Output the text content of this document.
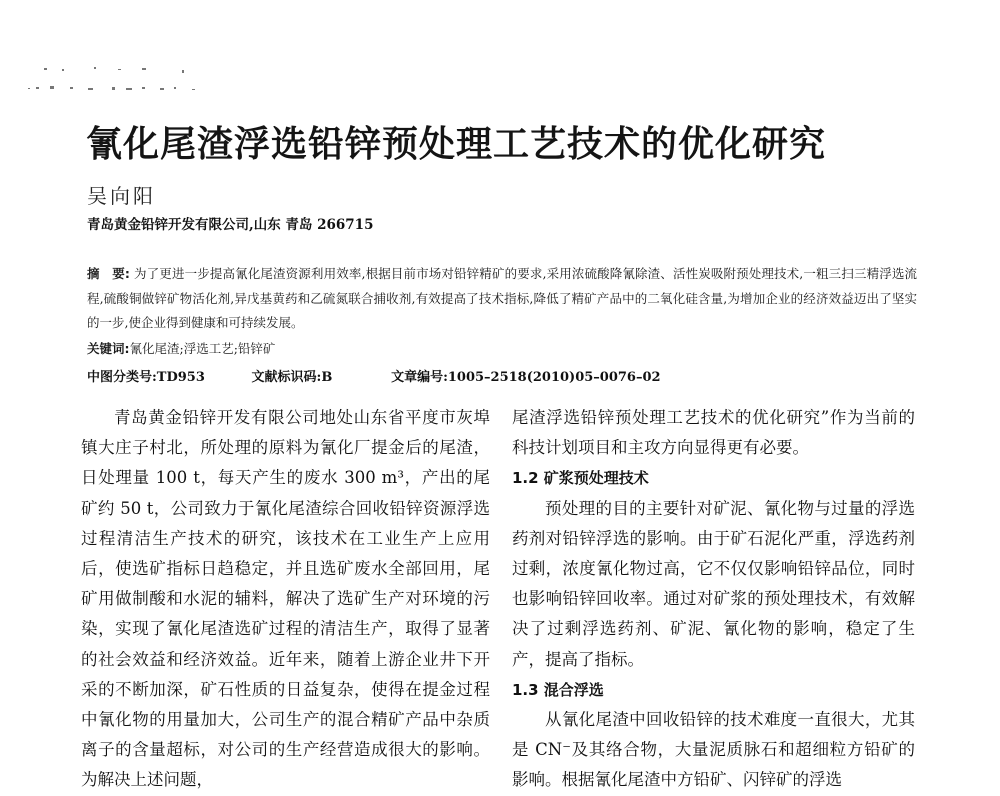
氰化尾渣浮选铅锌预处理工艺技术的优化研究
吴向阳
青岛黄金铅锌开发有限公司,山东 青岛 266715
摘　要: 为了更进一步提高氰化尾渣资源利用效率,根据目前市场对铅锌精矿的要求,采用浓硫酸降氰除渣、活性炭吸附预处理技术,一粗三扫三精浮选流程,硫酸铜做锌矿物活化剂,异戊基黄药和乙硫氮联合捕收剂,有效提高了技术指标,降低了精矿产品中的二氧化硅含量,为增加企业的经济效益迈出了坚实的一步,使企业得到健康和可持续发展。
关键词:氰化尾渣;浮选工艺;铅锌矿
中图分类号:TD953	文献标识码:B	文章编号:1005–2518(2010)05–0076–02

青岛黄金铅锌开发有限公司地处山东省平度市灰埠镇大庄子村北，所处理的原料为氰化厂提金后的尾渣，日处理量 100 t，每天产生的废水 300 m³，产出的尾矿约 50 t，公司致力于氰化尾渣综合回收铅锌资源浮选过程清洁生产技术的研究，该技术在工业生产上应用后，使选矿指标日趋稳定，并且选矿废水全部回用，尾矿用做制酸和水泥的辅料，解决了选矿生产对环境的污染，实现了氰化尾渣选矿过程的清洁生产，取得了显著的社会效益和经济效益。近年来，随着上游企业井下开采的不断加深，矿石性质的日益复杂，使得在提金过程中氰化物的用量加大，公司生产的混合精矿产品中杂质离子的含量超标，对公司的生产经营造成很大的影响。为解决上述问题，

尾渣浮选铅锌预处理工艺技术的优化研究”作为当前的科技计划项目和主攻方向显得更有必要。

1.2 矿浆预处理技术

预处理的目的主要针对矿泥、氰化物与过量的浮选药剂对铅锌浮选的影响。由于矿石泥化严重，浮选药剂过剩，浓度氰化物过高，它不仅仅影响铅锌品位，同时也影响铅锌回收率。通过对矿浆的预处理技术，有效解决了过剩浮选药剂、矿泥、氰化物的影响，稳定了生产，提高了指标。

1.3 混合浮选

从氰化尾渣中回收铅锌的技术难度一直很大，尤其是 CN⁻及其络合物，大量泥质脉石和超细粒方铅矿的影响。根据氰化尾渣中方铅矿、闪锌矿的浮选
